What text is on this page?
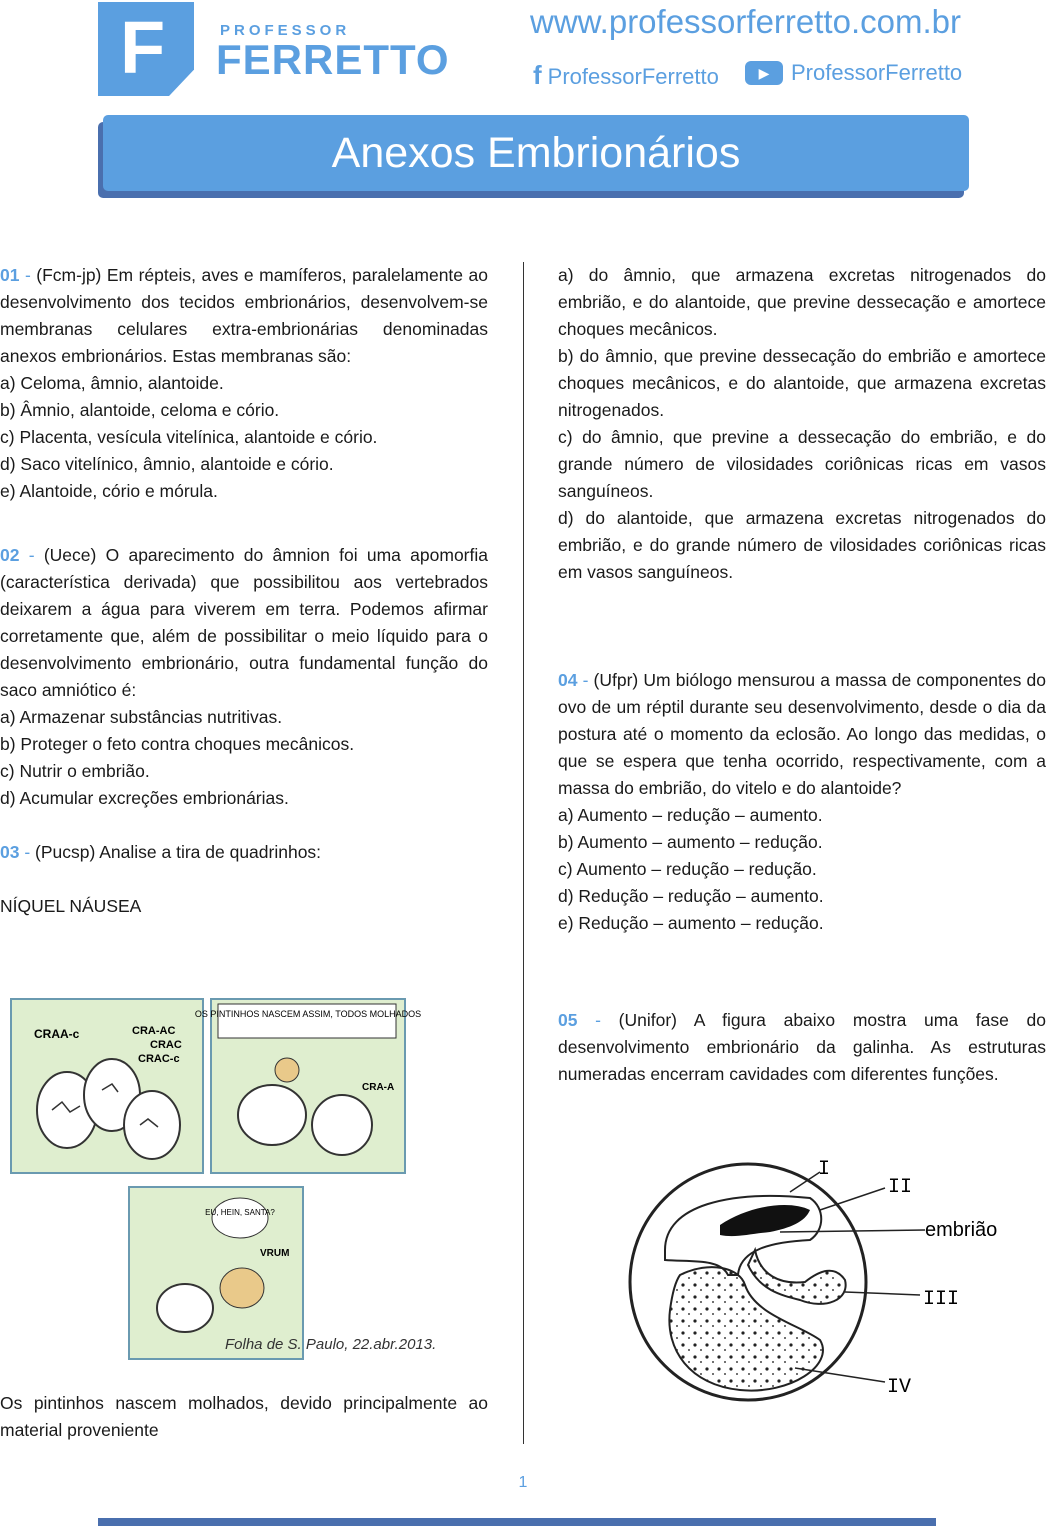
F	PROFESSOR
FERRETTO
www.professorferretto.com.br
f ProfessorFerretto	▶ ProfessorFerretto
Anexos Embrionários

01 - (Fcm-jp) Em répteis, aves e mamíferos, paralelamente ao desenvolvimento dos tecidos embrionários, desenvolvem-se membranas celulares extra-embrionárias denominadas anexos embrionários. Estas membranas são:

a) Celoma, âmnio, alantoide.

b) Âmnio, alantoide, celoma e cório.

c) Placenta, vesícula vitelínica, alantoide e cório.

d) Saco vitelínico, âmnio, alantoide e cório.

e) Alantoide, cório e mórula.

02 - (Uece) O aparecimento do âmnion foi uma apomorfia (característica derivada) que possibilitou aos vertebrados deixarem a água para viverem em terra. Podemos afirmar corretamente que, além de possibilitar o meio líquido para o desenvolvimento embrionário, outra fundamental função do saco amniótico é:

a) Armazenar substâncias nutritivas.

b) Proteger o feto contra choques mecânicos.

c) Nutrir o embrião.

d) Acumular excreções embrionárias.

03 - (Pucsp) Analise a tira de quadrinhos:

NÍQUEL NÁUSEA

CRAA-c	CRA-AC
CRAC
CRAC-c
OS PINTINHOS NASCEM ASSIM, TODOS MOLHADOS
CRA-A
EU, HEIN, SANTA?
VRUM
Folha de S. Paulo, 22.abr.2013.
Os pintinhos nascem molhados, devido principalmente ao material proveniente

a) do âmnio, que armazena excretas nitrogenados do embrião, e do alantoide, que previne dessecação e amortece choques mecânicos.

b) do âmnio, que previne dessecação do embrião e amortece choques mecânicos, e do alantoide, que armazena excretas nitrogenados.

c) do âmnio, que previne a dessecação do embrião, e do grande número de vilosidades coriônicas ricas em vasos sanguíneos.

d) do alantoide, que armazena excretas nitrogenados do embrião, e do grande número de vilosidades coriônicas ricas em vasos sanguíneos.

04 - (Ufpr) Um biólogo mensurou a massa de componentes do ovo de um réptil durante seu desenvolvimento, desde o dia da postura até o momento da eclosão. Ao longo das medidas, o que se espera que tenha ocorrido, respectivamente, com a massa do embrião, do vitelo e do alantoide?

a) Aumento – redução – aumento.

b) Aumento – aumento – redução.

c) Aumento – redução – redução.

d) Redução – redução – aumento.

e) Redução – aumento – redução.

05 - (Unifor) A figura abaixo mostra uma fase do desenvolvimento embrionário da galinha. As estruturas numeradas encerram cavidades com diferentes funções.

I
II
embrião
III
IV
1
